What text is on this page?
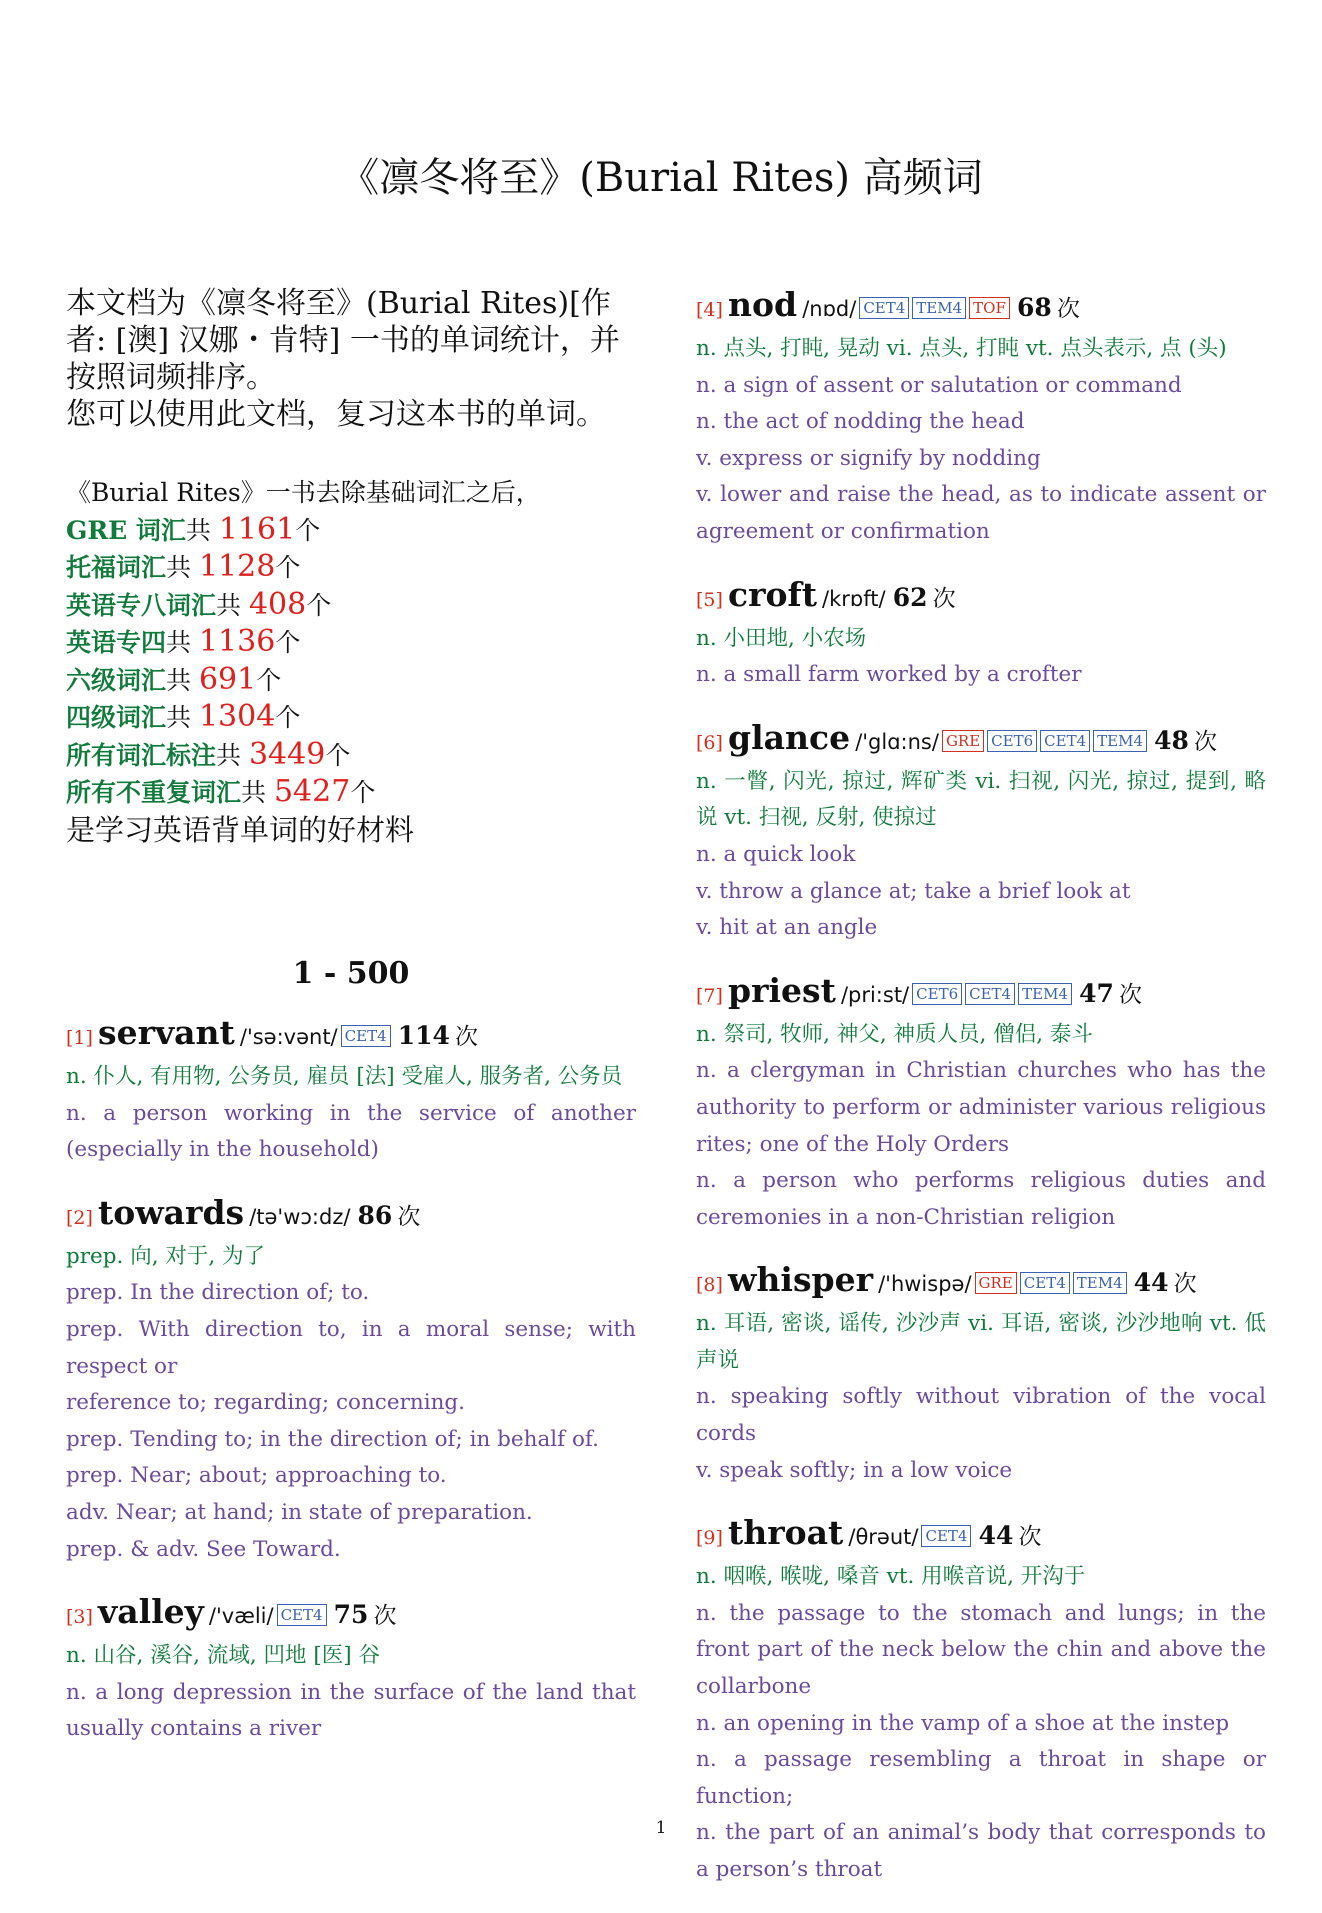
《凛冬将至》(Burial Rites) 高频词

本文档为《凛冬将至》(Burial Rites)[作者: [澳] 汉娜・肯特] 一书的单词统计，并按照词频排序。

您可以使用此文档，复习这本书的单词。

《Burial Rites》一书去除基础词汇之后，
GRE 词汇共 1161个
托福词汇共 1128个
英语专八词汇共 408个
英语专四共 1136个
六级词汇共 691个
四级词汇共 1304个
所有词汇标注共 3449个
所有不重复词汇共 5427个
是学习英语背单词的好材料
1 - 500
[1] servant /'sə:vənt/ CET4 114 次

n. 仆人, 有用物, 公务员, 雇员 [法] 受雇人, 服务者, 公务员

n. a person working in the service of another (especially in the household)

[2] towards /tə'wɔ:dz/ 86 次

prep. 向, 对于, 为了

prep. In the direction of; to.

prep. With direction to, in a moral sense; with respect or

reference to; regarding; concerning.

prep. Tending to; in the direction of; in behalf of.

prep. Near; about; approaching to.

adv. Near; at hand; in state of preparation.

prep. & adv. See Toward.

[3] valley /'væli/ CET4 75 次

n. 山谷, 溪谷, 流域, 凹地 [医] 谷

n. a long depression in the surface of the land that usually contains a river

[4] nod /nɒd/ CET4 TEM4 TOF 68 次

n. 点头, 打盹, 晃动 vi. 点头, 打盹 vt. 点头表示, 点 (头)

n. a sign of assent or salutation or command

n. the act of nodding the head

v. express or signify by nodding

v. lower and raise the head, as to indicate assent or agreement or confirmation

[5] croft /krɒft/ 62 次

n. 小田地, 小农场

n. a small farm worked by a crofter

[6] glance /'glɑ:ns/ GRE CET6 CET4 TEM4 48 次

n. 一瞥, 闪光, 掠过, 辉矿类 vi. 扫视, 闪光, 掠过, 提到, 略说 vt. 扫视, 反射, 使掠过

n. a quick look

v. throw a glance at; take a brief look at

v. hit at an angle

[7] priest /pri:st/ CET6 CET4 TEM4 47 次

n. 祭司, 牧师, 神父, 神质人员, 僧侣, 泰斗

n. a clergyman in Christian churches who has the authority to perform or administer various religious rites; one of the Holy Orders

n. a person who performs religious duties and ceremonies in a non-Christian religion

[8] whisper /'hwispə/ GRE CET4 TEM4 44 次

n. 耳语, 密谈, 谣传, 沙沙声 vi. 耳语, 密谈, 沙沙地响 vt. 低声说

n. speaking softly without vibration of the vocal cords

v. speak softly; in a low voice

[9] throat /θrəut/ CET4 44 次

n. 咽喉, 喉咙, 嗓音 vt. 用喉音说, 开沟于

n. the passage to the stomach and lungs; in the front part of the neck below the chin and above the collarbone

n. an opening in the vamp of a shoe at the instep

n. a passage resembling a throat in shape or function;

n. the part of an animal’s body that corresponds to a person’s throat

1
